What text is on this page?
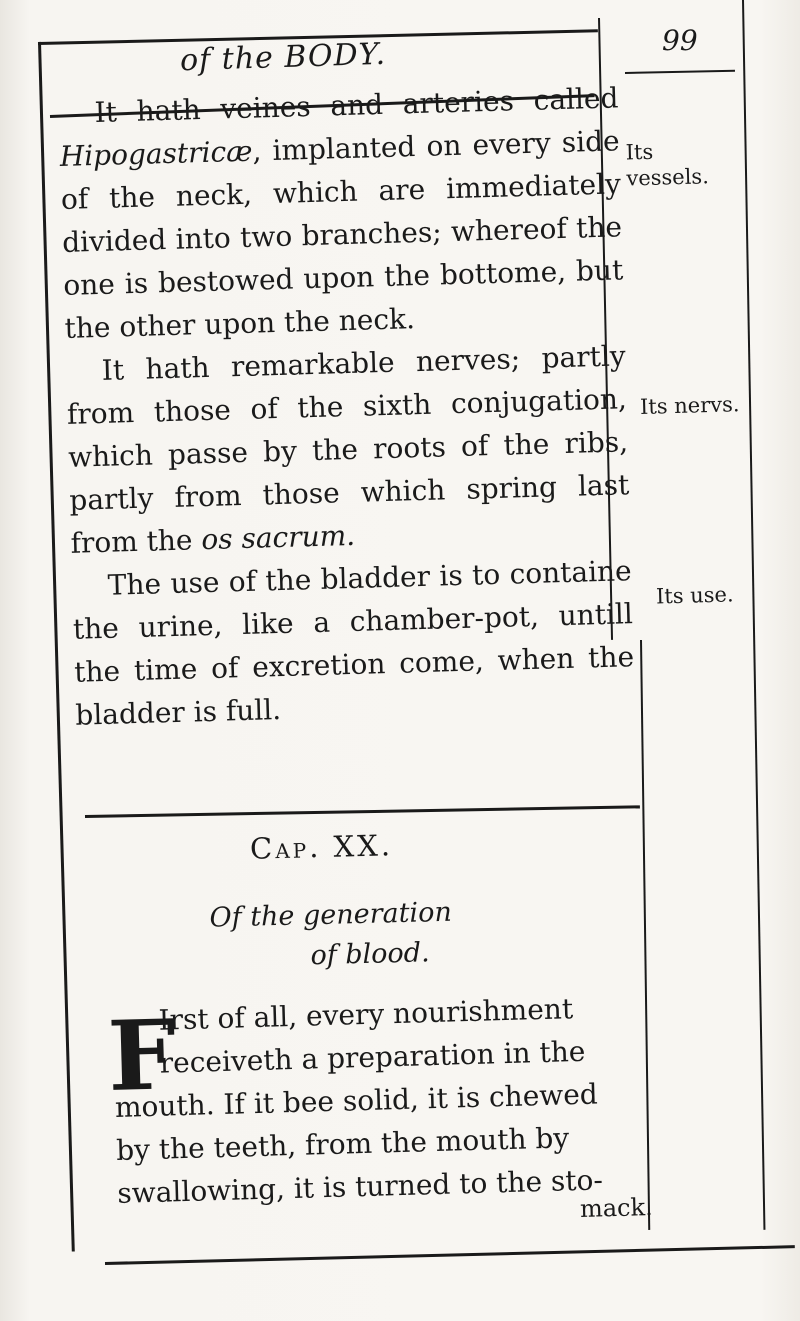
of the BODY.	99

It hath veines and arteries called Hipogastricæ, implanted on every side of the neck, which are immediately divided into two branches; whereof the one is bestowed upon the bottome, but the other upon the neck.

It hath remarkable nerves; partly from those of the sixth conjugation, which passe by the roots of the ribs, partly from those which spring last from the os sacrum.

The use of the bladder is to containe the urine, like a chamber-pot, untill the time of excretion come, when the bladder is full.

Its vessels.
Its nervs.
Its use.
Cap. XX.
Of the generation
of blood.
F
Irst of all, every nourishment
receiveth a preparation in the
mouth. If it bee solid, it is chewed
by the teeth, from the mouth by
swallowing, it is turned to the sto-
mack.
